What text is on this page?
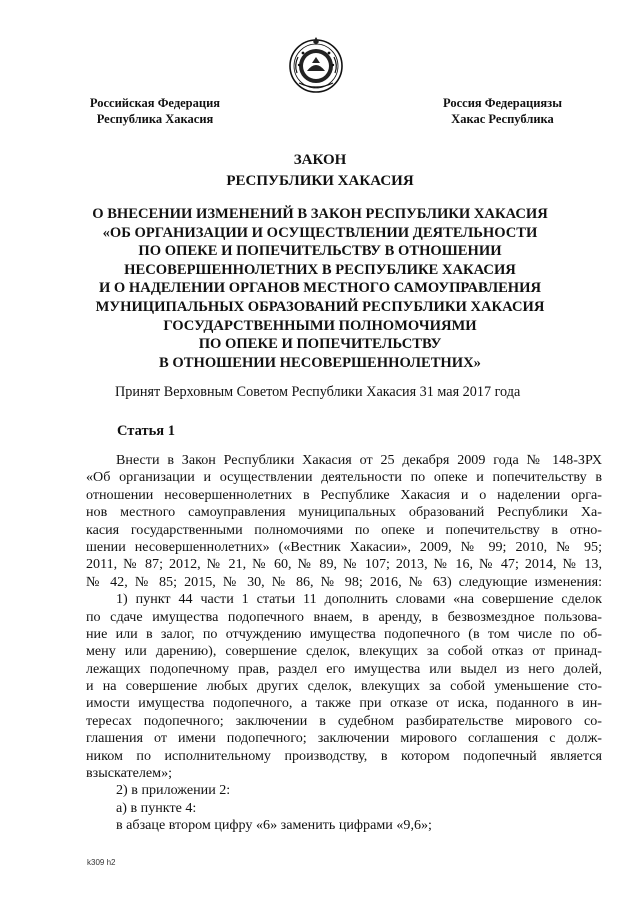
Российская Федерация
Республика Хакасия
Россия Федерациязы
Хакас Республика
ЗАКОН
РЕСПУБЛИКИ ХАКАСИЯ
О ВНЕСЕНИИ ИЗМЕНЕНИЙ В ЗАКОН РЕСПУБЛИКИ ХАКАСИЯ
«ОБ ОРГАНИЗАЦИИ И ОСУЩЕСТВЛЕНИИ ДЕЯТЕЛЬНОСТИ
ПО ОПЕКЕ И ПОПЕЧИТЕЛЬСТВУ В ОТНОШЕНИИ
НЕСОВЕРШЕННОЛЕТНИХ В РЕСПУБЛИКЕ ХАКАСИЯ
И О НАДЕЛЕНИИ ОРГАНОВ МЕСТНОГО САМОУПРАВЛЕНИЯ
МУНИЦИПАЛЬНЫХ ОБРАЗОВАНИЙ РЕСПУБЛИКИ ХАКАСИЯ
ГОСУДАРСТВЕННЫМИ ПОЛНОМОЧИЯМИ
ПО ОПЕКЕ И ПОПЕЧИТЕЛЬСТВУ
В ОТНОШЕНИИ НЕСОВЕРШЕННОЛЕТНИХ»
Принят Верховным Советом Республики Хакасия 31 мая 2017 года
Статья 1
Внести в Закон Республики Хакасия от 25 декабря 2009 года № 148-ЗРХ
«Об организации и осуществлении деятельности по опеке и попечительству в
отношении несовершеннолетних в Республике Хакасия и о наделении орга-
нов местного самоуправления муниципальных образований Республики Ха-
касия государственными полномочиями по опеке и попечительству в отно-
шении несовершеннолетних» («Вестник Хакасии», 2009, № 99; 2010, № 95;
2011, № 87; 2012, № 21, № 60, № 89, № 107; 2013, № 16, № 47; 2014, № 13,
№ 42, № 85; 2015, № 30, № 86, № 98; 2016, № 63) следующие изменения:
1) пункт 44 части 1 статьи 11 дополнить словами «на совершение сделок
по сдаче имущества подопечного внаем, в аренду, в безвозмездное пользова-
ние или в залог, по отчуждению имущества подопечного (в том числе по об-
мену или дарению), совершение сделок, влекущих за собой отказ от принад-
лежащих подопечному прав, раздел его имущества или выдел из него долей,
и на совершение любых других сделок, влекущих за собой уменьшение сто-
имости имущества подопечного, а также при отказе от иска, поданного в ин-
тересах подопечного; заключении в судебном разбирательстве мирового со-
глашения от имени подопечного; заключении мирового соглашения с долж-
ником по исполнительному производству, в котором подопечный является
взыскателем»;
2) в приложении 2:
а) в пункте 4:
в абзаце втором цифру «6» заменить цифрами «9,6»;
k309 h2
